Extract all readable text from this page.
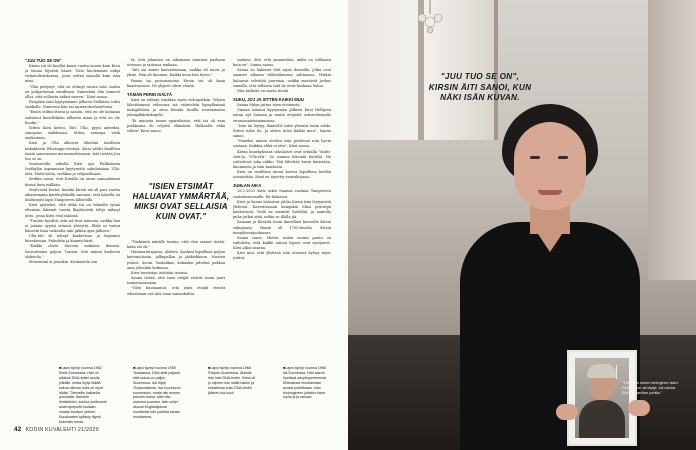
"JUU TUO SE ON"

Kirsin isä oli kuollut kuusi vuotta ennen kuin Kirsi ja Sanna löysivät hänet. Tieto kuolemasta näkyi virkatodistuksessa, josta selvisi samalla kuin isän nimi.

"Olin pettynyt, että en ehtinyt tavata isää, mutta en pohjattoman surullinen. Emmehän olin tunneet ollut, että sellaista näkisi surren." Kirsi sanoo.

Parijakin isän kyytyrimmei jälkeen Siellaisin tulisi sisäkolle. Numeron hän sai numerotiedustelusta.

"Ensin otiltiin itseni ja sanoin, että en ole koskaan soittanut kenellekään tällaista asiaa ja että en ole huolta."

Sitten Kirsi kertoi, Tätt, Ulla, pyysi anteeksi, sanopaus sudeksaan. Sitten sanoopa vielä audiostaan.

Kirsi ja Ulla alkoivat lähettää toisilleen nukahtavia Whatsapp-viestejä. Kirsi välitti hänllhen taistä sanoessaan murunuudeissaan. Isät tietään Juu tuo se on.

Seuraavalla viikolla Kirsi ajoi Pirkkalasta Ivsäkylän tapaamaan kyytynettä sukulaisiaan Ulla-tätä, Matti-setää, serkkua ja velipuolisaan.

Serkku sanoi, että Kirsillä on aivan samanlainen tärinä kuin isällään.

Matti-setä kertoi, kuinka Kirsin isä oli puri vuotta aikaisemmin käveleyleksillä sanonut, että hänellä on luultavasti lapsi Tampereen lähistöllä.

Kirsi ajattelee, että ehkä isä on tehnälla työnä eltenaan kikenut tuosta lhajäävästä teltja nähnyt juttu, jossa Kirsi etsii isäänsä.

"Tuntuu hyvältä, että isä tiesi minusta, vaikka hän ei jostain syystä ottanut yhteyttä. Ehkä se tuntui hänestä liian vaikealta niin pitkän ajan jälkeen."

Ulla-täti oli tehnyt kaakettsua ja leipomut hiivakeesaa. Puhuttiin ja kauniit käsit.

"Kaikki olivat hirveän mukavia ihmisiä. Sauvotimme paljon. Tunnui, että minun kuuluvin olokseila."

Meneminä ei jossakin. Keskustelu sen

tä, että jokainen on aikoinaan toiminut parhaan tietonsa ja taitonsa mukaan.

"Äiti sai minut kasvattamaan, vaikka oli nuori ja yksin. Hän oli ihminen. Kaikki meni hän hyvin."

Pamia tai puisonomona Kirsin isä oli kaan kaarivatarus. Ne ylipeet olivat vääriä.

TÄMÄN PERIN ISÄLTÄ

Kirsi on nähnyt isästään myös videopätkän. Veljien lähettämissä videoissa isä väänteleki kymyllemmä nukajuhlissa ja sitoo kentän lavalla seuraamassa juhonjäkkekskopelä.

"Ei minusta tunnu epäreiluista, että isä oli vain poikkeana eli veljistä elämässä. Halkoalta ehkä vähän" Kirsi sanoo.

"ISIEN ETSIMÄT HALUAVAT YMMÄRTÄÄ, MIKSI OVAT SELLAISIA KUIN OVAT."

"Tärkeintä minälle tuntuu, että olen saanut tietää, kuka isä oli."

Huumorintajunsa, Ahkera. Kaskasi lapsillaan paljon karvanolasiin, jalkapallon ja jääkiekkoon. Monien ystävä. Avoin. Vauhdikas, kokauksi pilettää pakkoa aina johonkin kulmaan.

Kirsi tunnistaa isästään itsensä.

Sanna tietää, että isien etsijät etsivät usein juuri tunnetasoissaan.

"Olen huomannut, että isien etsijät etsivät oikeastaan erä itää vaan samankaltai-

suuksia. Sitä, että ymmärtäisi, miksi on sellainen kuin on", Sanna sanoo.

Sanna on hakenut tätä myös ihmisille, jotka ovat saaneet albuma välkväilaisena suhtaensa. Heikin haluavat selvittää juurensa, vaikka meriävät joskus samalla, että sellaista isää he eivät koskaan halua.

Niin tärkeää on saada tietää.

SUKU, JOJ JA SITTEN KAIKKI MUU

Sanna Miian juttua isien etsimestä.

Omaan isäansä kyyrynmen jälkeen Kirsi Helfgren autaa nyt Sannaa ja muita etsijöitä sotturehemalla viranomaistoiminnassa.

"Isän tai löytyy, ihmiselle tulee yleensä ensin sokki. Sitten tulee ilo. Ja sitten tulee kaikki muu", Sanna sanoo.

"Onneksi minun viettiin isän perhessä niin hyvin vastaan. Kaikkia ehkä ei ottu", Kirsi sanoo.

Kirsin kuurkyksissä sukulaiset ovat ottinilla "Matti-setä"ja "Ulla-täti." Se suunaa Kirsintä hyvältä. He soittelevat joka viikko. Täti lähettää kuvia käsistään, kuonnosta ja isän haudasta.

Kirsi on virallisen minut kertoa lapsilleen heidän isoisästään. Nimi on täytetty vauvakirjaan.

JUHLAN AIKA

28.2.2020 Kirsi sekei Sannaa vastaan Tampereen rautatieasemalla. He halaavat.

Kirsi ja Sanna halusivat juhlia Kirsin isän löytymistä yhdessä. Kaveritissaan kumpikin itlasi pitivätpä kauhuvintä. Vielä ne menivät hotelliin, ja aamulla puhe jatkui siitä, mihin se illalla jäi.

Samaan ja Kirsistä tunni ilmeellinä kaveeilla Kirsin sukupuata. Nimiä oli 1700-luvulta. Kirsin nimiyhteenjuoksessa.

Sanna sanoi: Mietin, miten monta puuta on vaihdetta, että kaikki näissä lapset ovat syntyneet. Kirsi alkoi naurua.

Kävi niin, että yhdessä isää etsiessä kyttyy myös ystävä.

■ Lapsi syntyi vuonna 1962 Etelä-Suomessa. Hän oli pikkuisi DNA-testin avulla pitkälle. mutta löytyi ilkkää sukua ollessa mies oli mynt Isällsi. Tiiemelile kaikanlla porukalta. Samalla ilmekekikin, kuinka umittuneet asiat syntyivät tuodaan veaaat ihmisen yhteen. Kuuskaaten kyllästy täynä toisenkin sesta.
■ Lapsi syntyi vuonna 1955 Tanskassa. DNA-testi paljasti, että sukua on paljon Suomessa. Isä löytyi Yhdysvalloista. Isä ei puhunut suomeanin, mutta niin monen puhuen halua, ettei hän osannut suomea. Isän veljet asuvat Englantijoissa muutamat hän puhetta kausa muutamma.
■ Lapsi syntyi vuonna 1968 Pohjois-Suomessa. Äidissä hän haki DNA-testin. Kerta oli jo olipeen tuin isällä hakee ja eksistessa suku DNA-testin jälkeen isä kuoli.
■ Lapsi syntyi vuonna 1966 Itä-Suomessa. Hän kasvoi hyvässä adoptioperheessä. Kiiltoisesta muuttamaan avuksi poltettuaan. Isän bioloogineen joitakin tukee myös ja ja rauhaa.
42 KODIN KUVALEHTI 21/2020
"JUU TUO SE ON", KIRSIN ÄITI SANOI, KUN NÄKI ISÄN KUVAN.
"Tässä on minun biologinen isäni Pekka. Kun sä täytyi, tuli nauha. Enää ei tarvitse pohtia."
